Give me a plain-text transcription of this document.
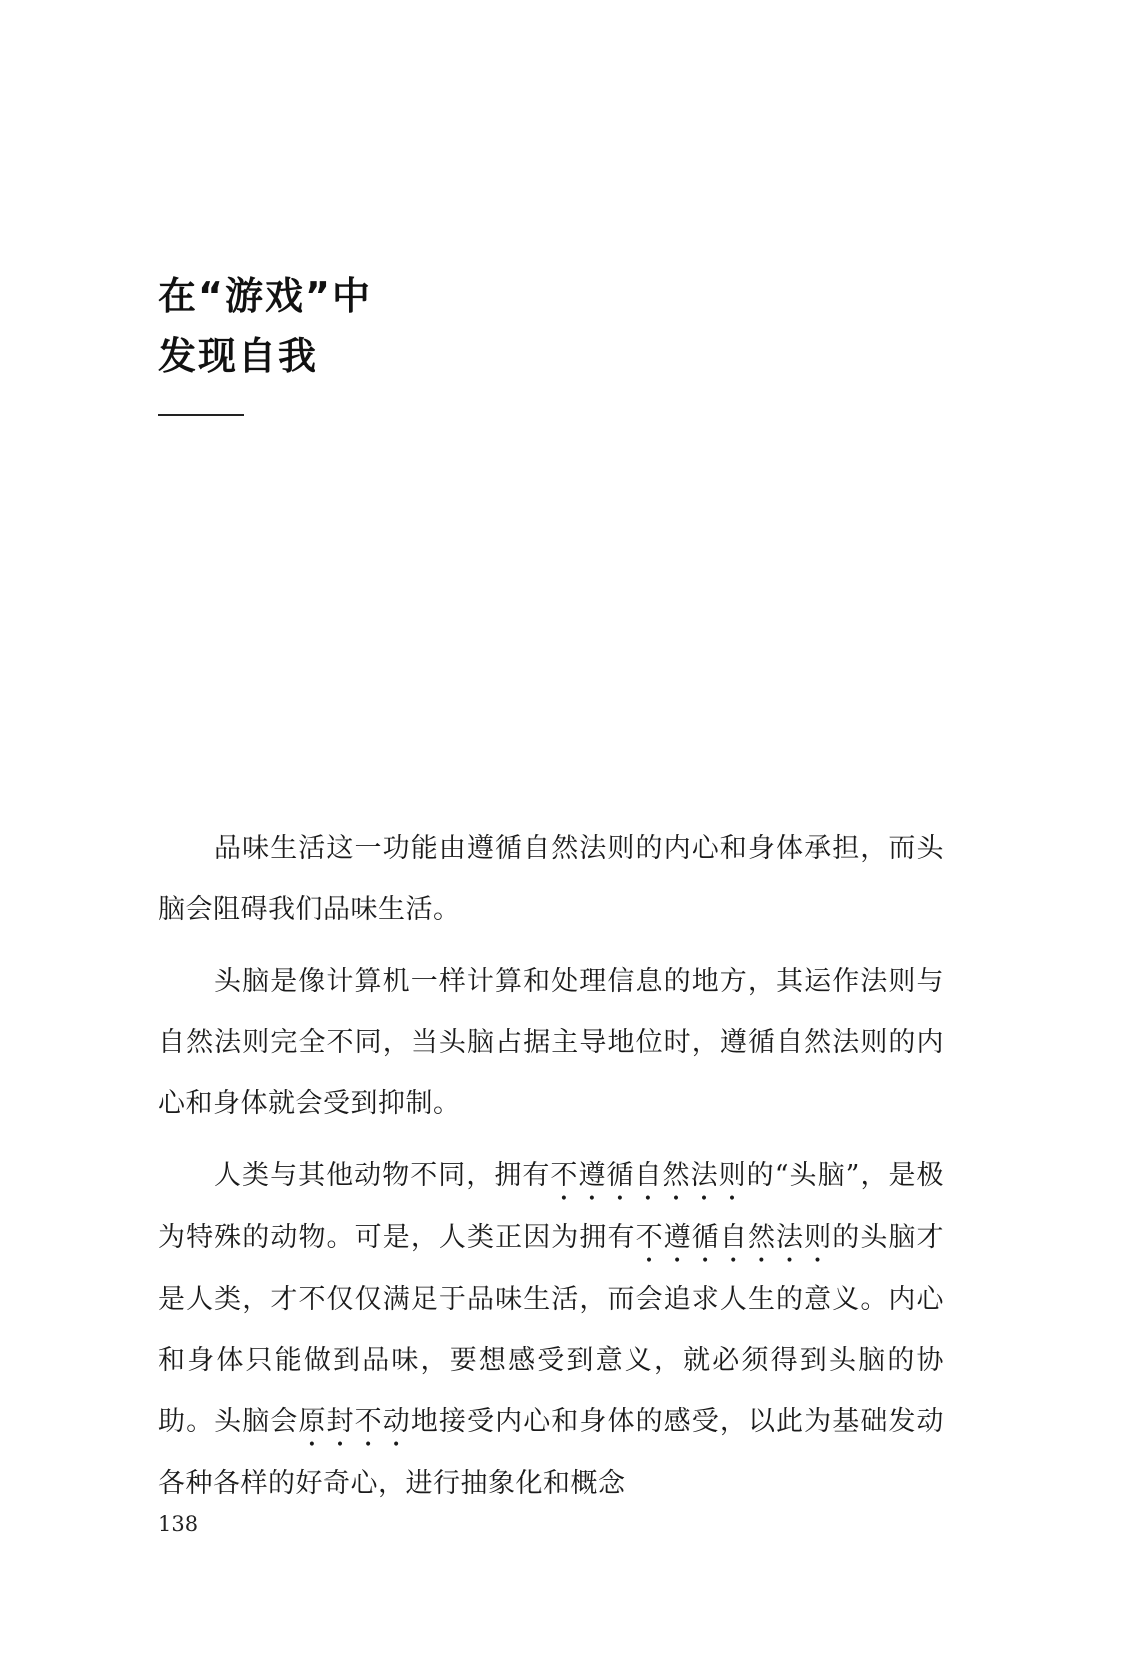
在“游戏”中
发现自我

品味生活这一功能由遵循自然法则的内心和身体承担，而头脑会阻碍我们品味生活。

头脑是像计算机一样计算和处理信息的地方，其运作法则与自然法则完全不同，当头脑占据主导地位时，遵循自然法则的内心和身体就会受到抑制。

人类与其他动物不同，拥有不遵循自然法则的“头脑”，是极为特殊的动物。可是，人类正因为拥有不遵循自然法则的头脑才是人类，才不仅仅满足于品味生活，而会追求人生的意义。内心和身体只能做到品味，要想感受到意义，就必须得到头脑的协助。头脑会原封不动地接受内心和身体的感受，以此为基础发动各种各样的好奇心，进行抽象化和概念

138
